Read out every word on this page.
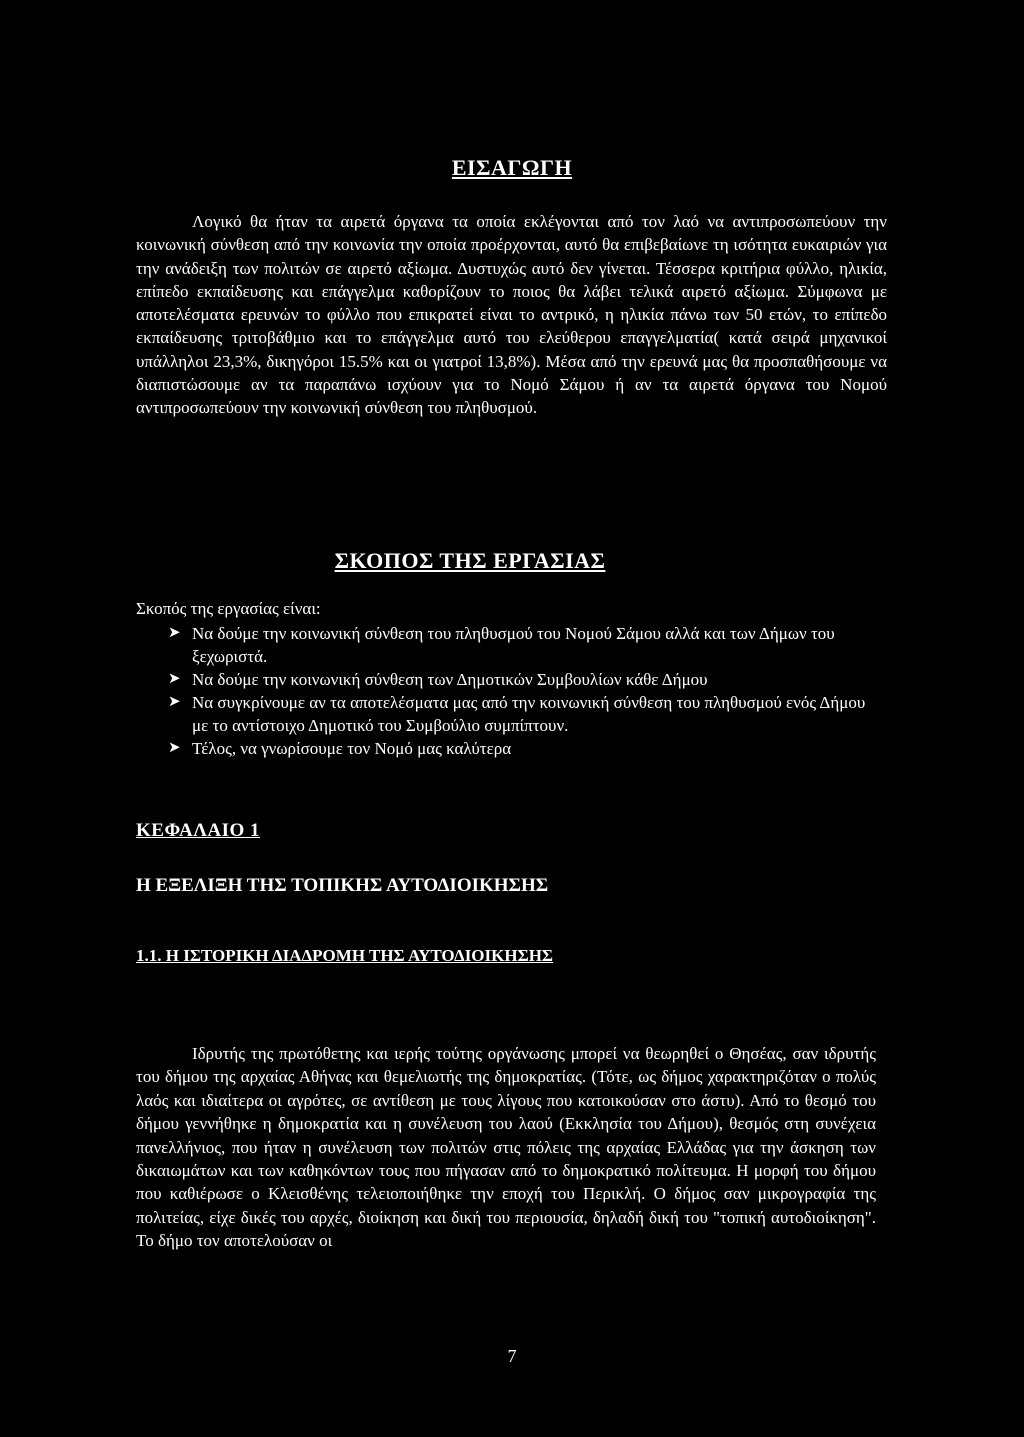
ΕΙΣΑΓΩΓΗ

Λογικό θα ήταν τα αιρετά όργανα τα οποία εκλέγονται από τον λαό να αντιπροσωπεύουν την κοινωνική σύνθεση από την κοινωνία την οποία προέρχονται, αυτό θα επιβεβαίωνε τη ισότητα ευκαιριών για την ανάδειξη των πολιτών σε αιρετό αξίωμα. Δυστυχώς αυτό δεν γίνεται. Τέσσερα κριτήρια φύλλο, ηλικία, επίπεδο εκπαίδευσης και επάγγελμα καθορίζουν το ποιος θα λάβει τελικά αιρετό αξίωμα. Σύμφωνα με αποτελέσματα ερευνών το φύλλο που επικρατεί είναι το αντρικό, η ηλικία πάνω των 50 ετών, το επίπεδο εκπαίδευσης τριτοβάθμιο και το επάγγελμα αυτό του ελεύθερου επαγγελματία( κατά σειρά μηχανικοί υπάλληλοι 23,3%, δικηγόροι 15.5% και οι γιατροί 13,8%). Μέσα από την ερευνά μας θα προσπαθήσουμε να διαπιστώσουμε αν τα παραπάνω ισχύουν για το Νομό Σάμου ή αν τα αιρετά όργανα του Νομού αντιπροσωπεύουν την κοινωνική σύνθεση του πληθυσμού.

ΣΚΟΠΟΣ ΤΗΣ ΕΡΓΑΣΙΑΣ
Σκοπός της εργασίας είναι:
➤ Να δούμε την κοινωνική σύνθεση του πληθυσμού του Νομού Σάμου αλλά και των Δήμων του ξεχωριστά.
➤ Να δούμε την κοινωνική σύνθεση των Δημοτικών Συμβουλίων κάθε Δήμου
➤ Να συγκρίνουμε αν τα αποτελέσματα μας από την κοινωνική σύνθεση του πληθυσμού ενός Δήμου με το αντίστοιχο Δημοτικό του Συμβούλιο συμπίπτουν.
➤ Τέλος, να γνωρίσουμε τον Νομό μας καλύτερα
ΚΕΦΑΛΑΙΟ 1
Η ΕΞΕΛΙΞΗ ΤΗΣ ΤΟΠΙΚΗΣ ΑΥΤΟΔΙΟΙΚΗΣΗΣ
1.1. Η ΙΣΤΟΡΙΚΗ ΔΙΑΔΡΟΜΗ ΤΗΣ ΑΥΤΟΔΙΟΙΚΗΣΗΣ

Ιδρυτής της πρωτόθετης και ιερής τούτης οργάνωσης μπορεί να θεωρηθεί ο Θησέας, σαν ιδρυτής του δήμου της αρχαίας Αθήνας και θεμελιωτής της δημοκρατίας. (Τότε, ως δήμος χαρακτηριζόταν ο πολύς λαός και ιδιαίτερα οι αγρότες, σε αντίθεση με τους λίγους που κατοικούσαν στο άστυ). Από το θεσμό του δήμου γεννήθηκε η δημοκρατία και η συνέλευση του λαού (Εκκλησία του Δήμου), θεσμός στη συνέχεια πανελλήνιος, που ήταν η συνέλευση των πολιτών στις πόλεις της αρχαίας Ελλάδας για την άσκηση των δικαιωμάτων και των καθηκόντων τους που πήγασαν από το δημοκρατικό πολίτευμα. Η μορφή του δήμου που καθιέρωσε ο Κλεισθένης τελειοποιήθηκε την εποχή του Περικλή. Ο δήμος σαν μικρογραφία της πολιτείας, είχε δικές του αρχές, διοίκηση και δική του περιουσία, δηλαδή δική του "τοπική αυτοδιοίκηση". Το δήμο τον αποτελούσαν οι

7
